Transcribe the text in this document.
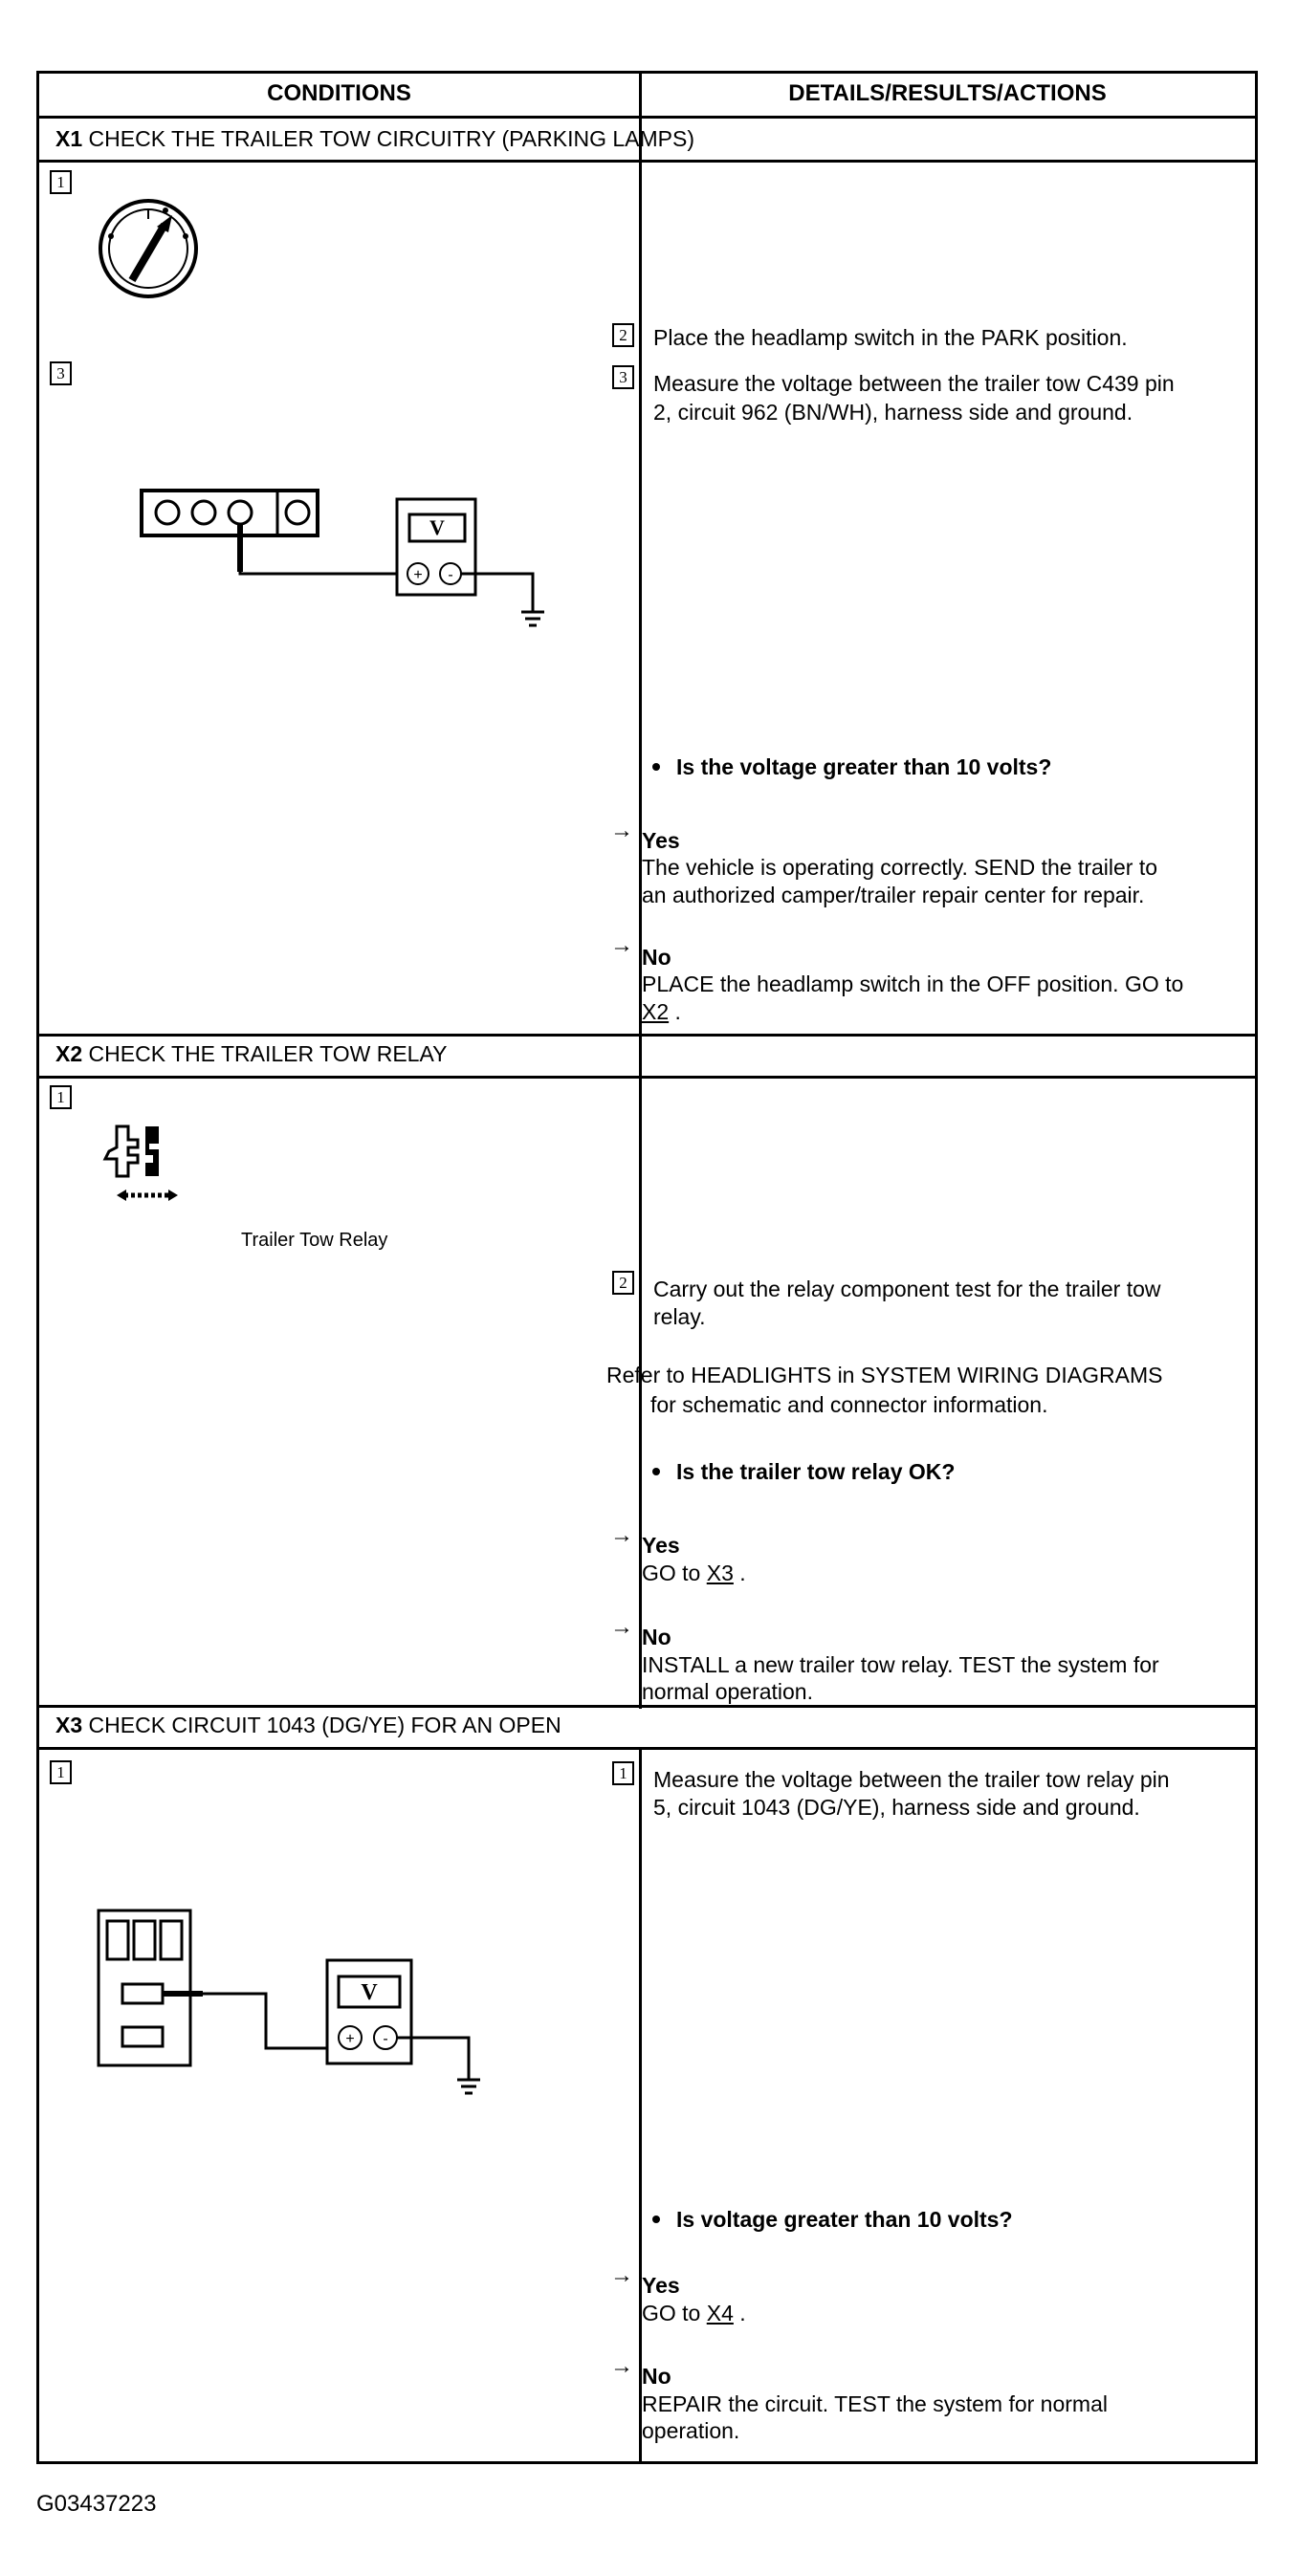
CONDITIONS	DETAILS/RESULTS/ACTIONS
X1 CHECK THE TRAILER TOW CIRCUITRY (PARKING LAMPS)
1
3
V
+ -
2	Place the headlamp switch in the PARK position.
3	Measure the voltage between the trailer tow C439 pin
2, circuit 962 (BN/WH), harness side and ground.
Is the voltage greater than 10 volts?
→ Yes
The vehicle is operating correctly. SEND the trailer to
an authorized camper/trailer repair center for repair.
→ No
PLACE the headlamp switch in the OFF position. GO to
X2 .
X2 CHECK THE TRAILER TOW RELAY
1
Trailer Tow Relay
2	Carry out the relay component test for the trailer tow
relay.
Refer to HEADLIGHTS in SYSTEM WIRING DIAGRAMS
for schematic and connector information.
Is the trailer tow relay OK?
→ Yes
GO to X3 .
→ No
INSTALL a new trailer tow relay. TEST the system for
normal operation.
X3 CHECK CIRCUIT 1043 (DG/YE) FOR AN OPEN
1
V
+ -
1	Measure the voltage between the trailer tow relay pin
5, circuit 1043 (DG/YE), harness side and ground.
Is voltage greater than 10 volts?
→ Yes
GO to X4 .
→ No
REPAIR the circuit. TEST the system for normal
operation.
G03437223
